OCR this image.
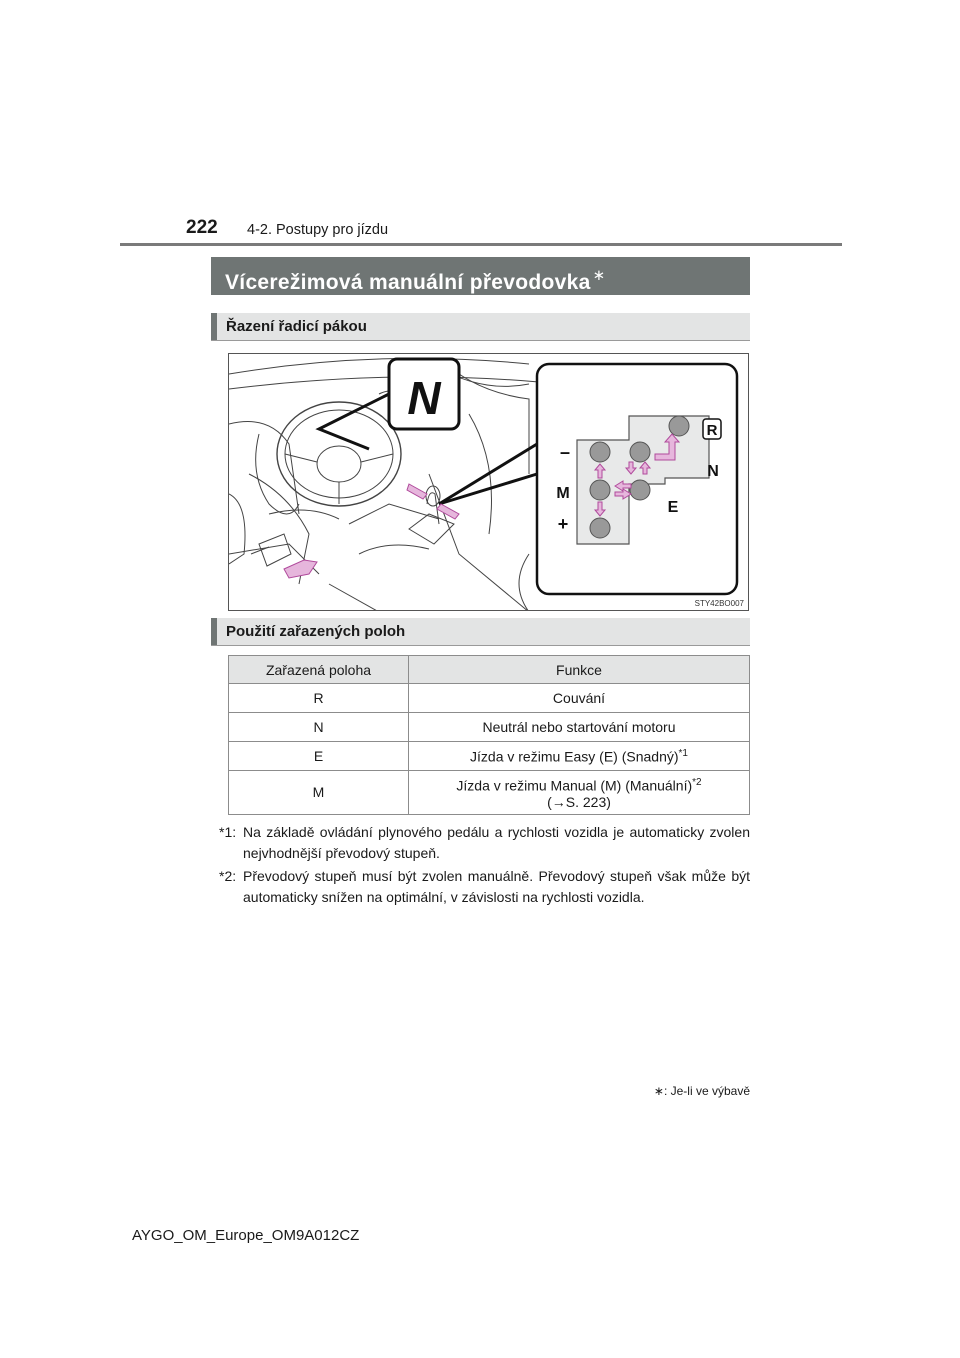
222 4-2. Postupy pro jízdu
Vícerežimová manuální převodovka ∗
Řazení řadicí pákou
N
–
M
+
E
N
R
STY42BO007
Použití zařazených poloh
Zařazená poloha	Funkce
R	Couvání
N	Neutrál nebo startování motoru
E	Jízda v režimu Easy (E) (Snadný)$^{*1}$
M	Jízda v režimu Manual (M) (Manuální)$^{*2}$
(→S. 223)
*1: Na základě ovládání plynového pedálu a rychlosti vozidla je automaticky zvolen nejvhodnější převodový stupeň.
*2: Převodový stupeň musí být zvolen manuálně. Převodový stupeň však může být automaticky snížen na optimální, v závislosti na rychlosti vozidla.
∗: Je-li ve výbavě
AYGO_OM_Europe_OM9A012CZ
